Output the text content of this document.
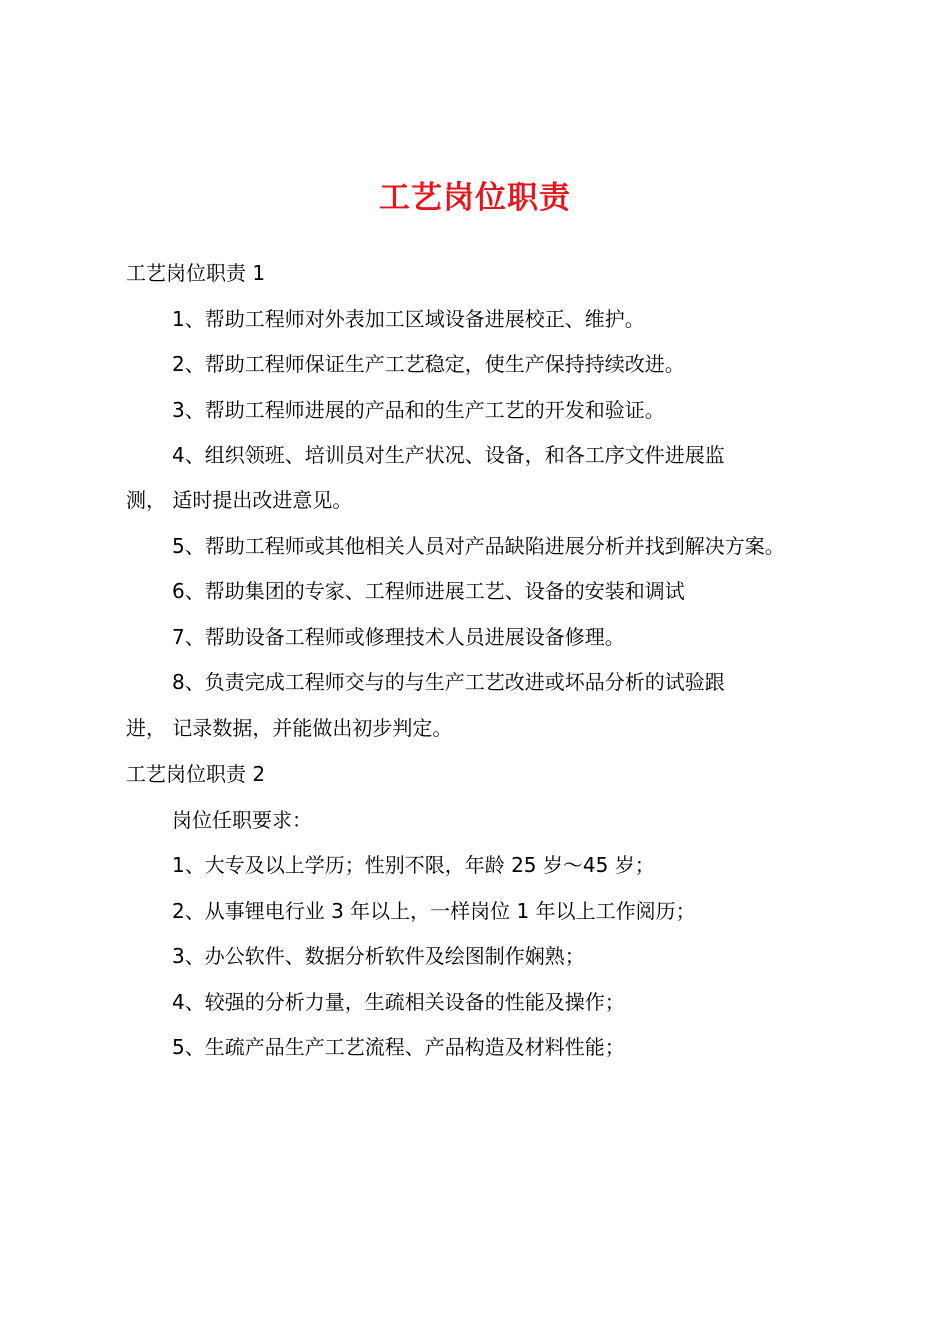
工艺岗位职责
工艺岗位职责 1
1、帮助工程师对外表加工区域设备进展校正、维护。
2、帮助工程师保证生产工艺稳定，使生产保持持续改进。
3、帮助工程师进展的产品和的生产工艺的开发和验证。
4、组织领班、培训员对生产状况、设备，和各工序文件进展监
测， 适时提出改进意见。
5、帮助工程师或其他相关人员对产品缺陷进展分析并找到解决方案。
6、帮助集团的专家、工程师进展工艺、设备的安装和调试
7、帮助设备工程师或修理技术人员进展设备修理。
8、负责完成工程师交与的与生产工艺改进或坏品分析的试验跟
进， 记录数据，并能做出初步判定。
工艺岗位职责 2
岗位任职要求：
1、大专及以上学历；性别不限，年龄 25 岁～45 岁；
2、从事锂电行业 3 年以上，一样岗位 1 年以上工作阅历；
3、办公软件、数据分析软件及绘图制作娴熟；
4、较强的分析力量，生疏相关设备的性能及操作；
5、生疏产品生产工艺流程、产品构造及材料性能；
